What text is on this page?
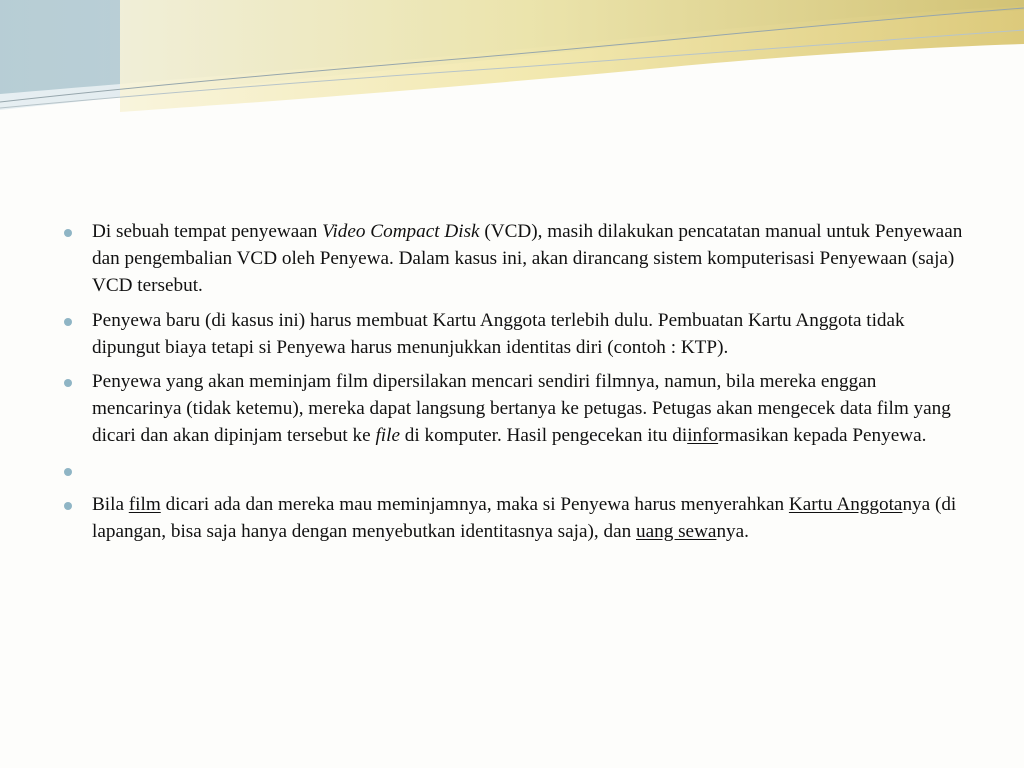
Di sebuah tempat penyewaan Video Compact Disk (VCD), masih dilakukan pencatatan manual untuk Penyewaan dan pengembalian VCD oleh Penyewa. Dalam kasus ini, akan dirancang sistem komputerisasi Penyewaan (saja) VCD tersebut.
Penyewa baru (di kasus ini) harus membuat Kartu Anggota terlebih dulu. Pembuatan Kartu Anggota tidak dipungut biaya tetapi si Penyewa harus menunjukkan identitas diri (contoh : KTP).
Penyewa yang akan meminjam film dipersilakan mencari sendiri filmnya, namun, bila mereka enggan mencarinya (tidak ketemu), mereka dapat langsung bertanya ke petugas. Petugas akan mengecek data film yang dicari dan akan dipinjam tersebut ke file di komputer. Hasil pengecekan itu diinformasikan kepada Penyewa.
Bila film dicari ada dan mereka mau meminjamnya, maka si Penyewa harus menyerahkan Kartu Anggotanya (di lapangan, bisa saja hanya dengan menyebutkan identitasnya saja), dan uang sewanya.
